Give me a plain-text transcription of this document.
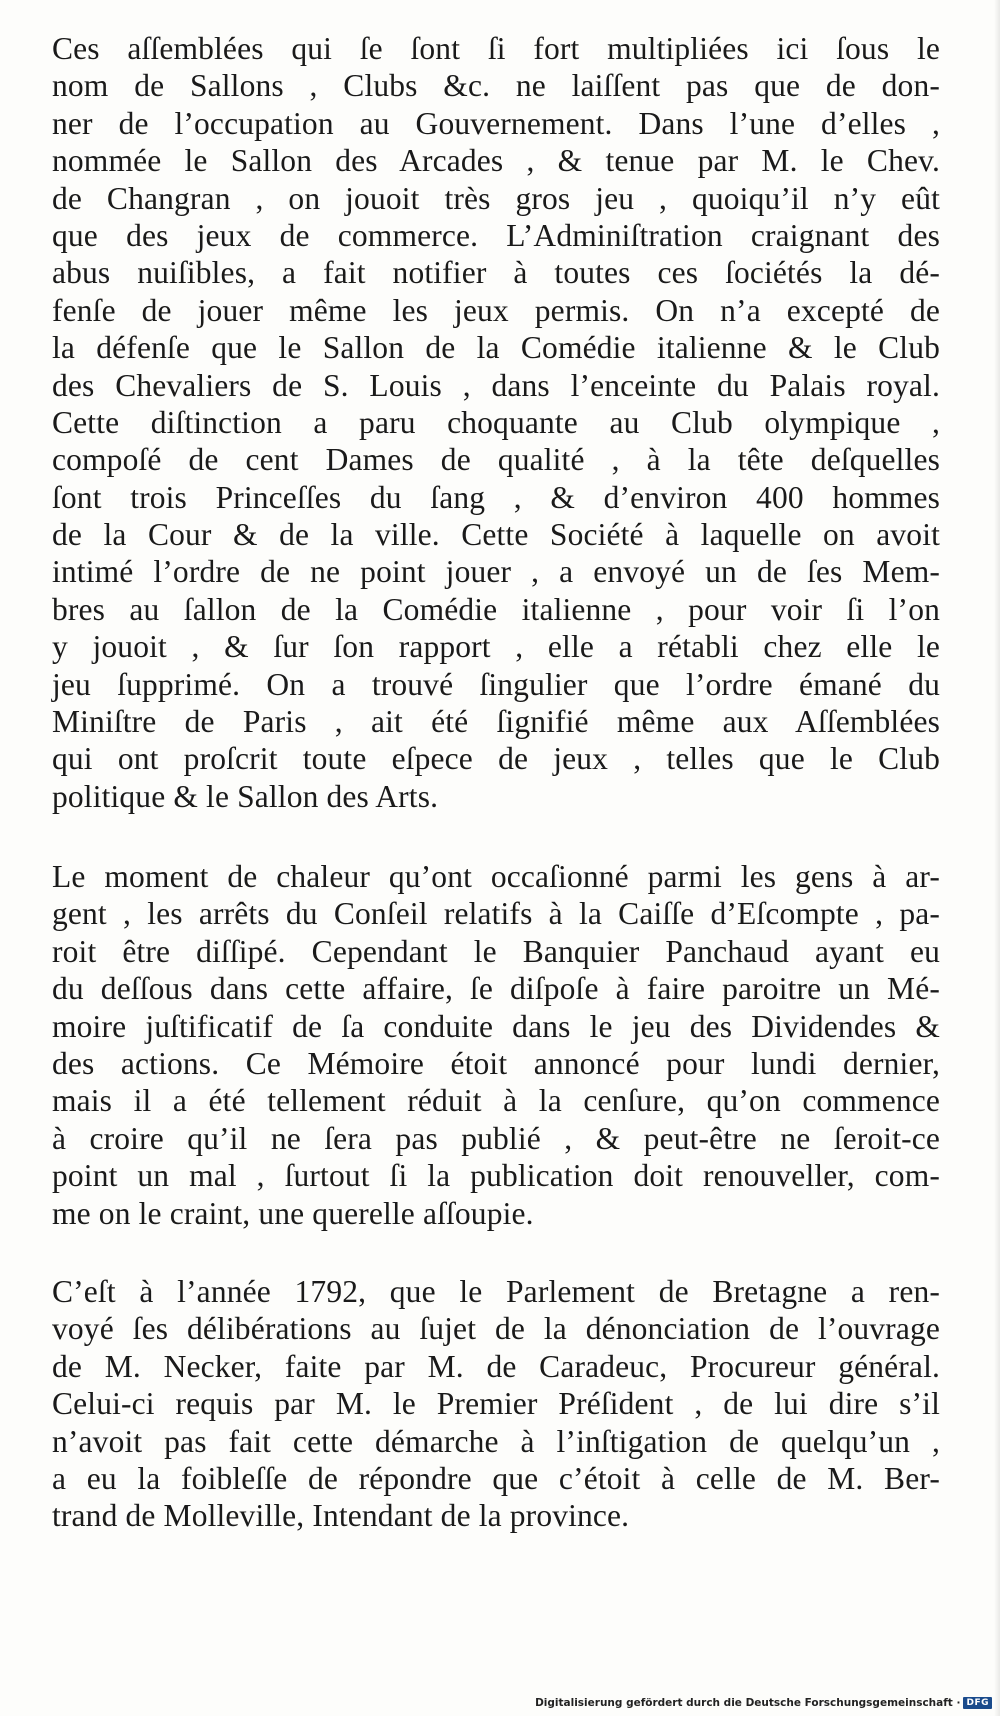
Ces aſſemblées qui ſe ſont ſi fort multipliées ici ſous le
nom de Sallons , Clubs &c. ne laiſſent pas que de don-
ner de l’occupation au Gouvernement. Dans l’une d’elles ,
nommée le Sallon des Arcades , & tenue par M. le Chev.
de Changran , on jouoit très gros jeu , quoiqu’il n’y eût
que des jeux de commerce. L’Adminiſtration craignant des
abus nuiſibles, a fait notifier à toutes ces ſociétés la dé-
fenſe de jouer même les jeux permis. On n’a excepté de
la défenſe que le Sallon de la Comédie italienne & le Club
des Chevaliers de S. Louis , dans l’enceinte du Palais royal.
Cette diſtinction a paru choquante au Club olympique ,
compoſé de cent Dames de qualité , à la tête deſquelles
ſont trois Princeſſes du ſang , & d’environ 400 hommes
de la Cour & de la ville. Cette Société à laquelle on avoit
intimé l’ordre de ne point jouer , a envoyé un de ſes Mem-
bres au ſallon de la Comédie italienne , pour voir ſi l’on
y jouoit , & ſur ſon rapport , elle a rétabli chez elle le
jeu ſupprimé. On a trouvé ſingulier que l’ordre émané du
Miniſtre de Paris , ait été ſignifié même aux Aſſemblées
qui ont proſcrit toute eſpece de jeux , telles que le Club
politique & le Sallon des Arts.
Le moment de chaleur qu’ont occaſionné parmi les gens à ar-
gent , les arrêts du Conſeil relatifs à la Caiſſe d’Eſcompte , pa-
roit être diſſipé. Cependant le Banquier Panchaud ayant eu
du deſſous dans cette affaire, ſe diſpoſe à faire paroitre un Mé-
moire juſtificatif de ſa conduite dans le jeu des Dividendes &
des actions. Ce Mémoire étoit annoncé pour lundi dernier,
mais il a été tellement réduit à la cenſure, qu’on commence
à croire qu’il ne ſera pas publié , & peut-être ne ſeroit-ce
point un mal , ſurtout ſi la publication doit renouveller, com-
me on le craint, une querelle aſſoupie.
C’eſt à l’année 1792, que le Parlement de Bretagne a ren-
voyé ſes délibérations au ſujet de la dénonciation de l’ouvrage
de M. Necker, faite par M. de Caradeuc, Procureur général.
Celui-ci requis par M. le Premier Préſident , de lui dire s’il
n’avoit pas fait cette démarche à l’inſtigation de quelqu’un ,
a eu la foibleſſe de répondre que c’étoit à celle de M. Ber-
trand de Molleville, Intendant de la province.
Digitalisierung gefördert durch die Deutsche Forschungsgemeinschaft · DFG
